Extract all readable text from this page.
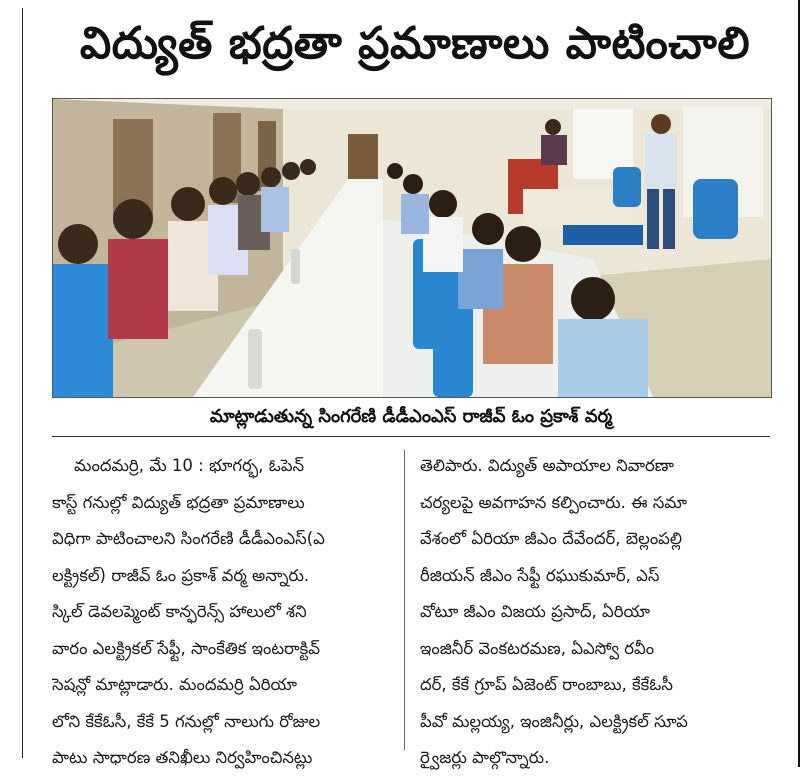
విద్యుత్ భద్రతా ప్రమాణాలు పాటించాలి
మాట్లాడుతున్న సింగరేణి డీడీఎంఎస్ రాజీవ్ ఓం ప్రకాశ్ వర్మ
మందమర్రి, మే 10 : భూగర్భ, ఓపెన్
కాస్ట్ గనుల్లో విద్యుత్ భద్రతా ప్రమాణాలు
విధిగా పాటించాలని సింగరేణి డీడీఎంఎస్(ఎ
లక్ట్రికల్) రాజీవ్ ఓం ప్రకాశ్ వర్మ అన్నారు.
స్కిల్ డెవలప్మెంట్ కాన్ఫరెన్స్ హాలులో శని
వారం ఎలక్ట్రికల్ సేఫ్టీ, సాంకేతిక ఇంటరాక్టివ్
సెషన్లో మాట్లాడారు. మందమర్రి ఏరియా
లోని కేకేఓసీ, కేకే 5 గనుల్లో నాలుగు రోజుల
పాటు సాధారణ తనిఖీలు నిర్వహించినట్లు
తెలిపారు. విద్యుత్ అపాయాల నివారణా
చర్యలపై అవగాహన కల్పించారు. ఈ సమా
వేశంలో ఏరియా జీఎం దేవేందర్, బెల్లంపల్లి
రీజియన్ జీఎం సేఫ్టీ రఘుకుమార్, ఎస్
వోటూ జీఎం విజయ ప్రసాద్, ఏరియా
ఇంజినీర్ వెంకటరమణ, ఏఎస్వో రవీం
దర్, కేకే గ్రూప్ ఏజెంట్ రాంబాబు, కేకేఓసీ
పీవో మల్లయ్య, ఇంజినీర్లు, ఎలక్ట్రికల్ సూప
ర్వైజర్లు పాల్గొన్నారు.
